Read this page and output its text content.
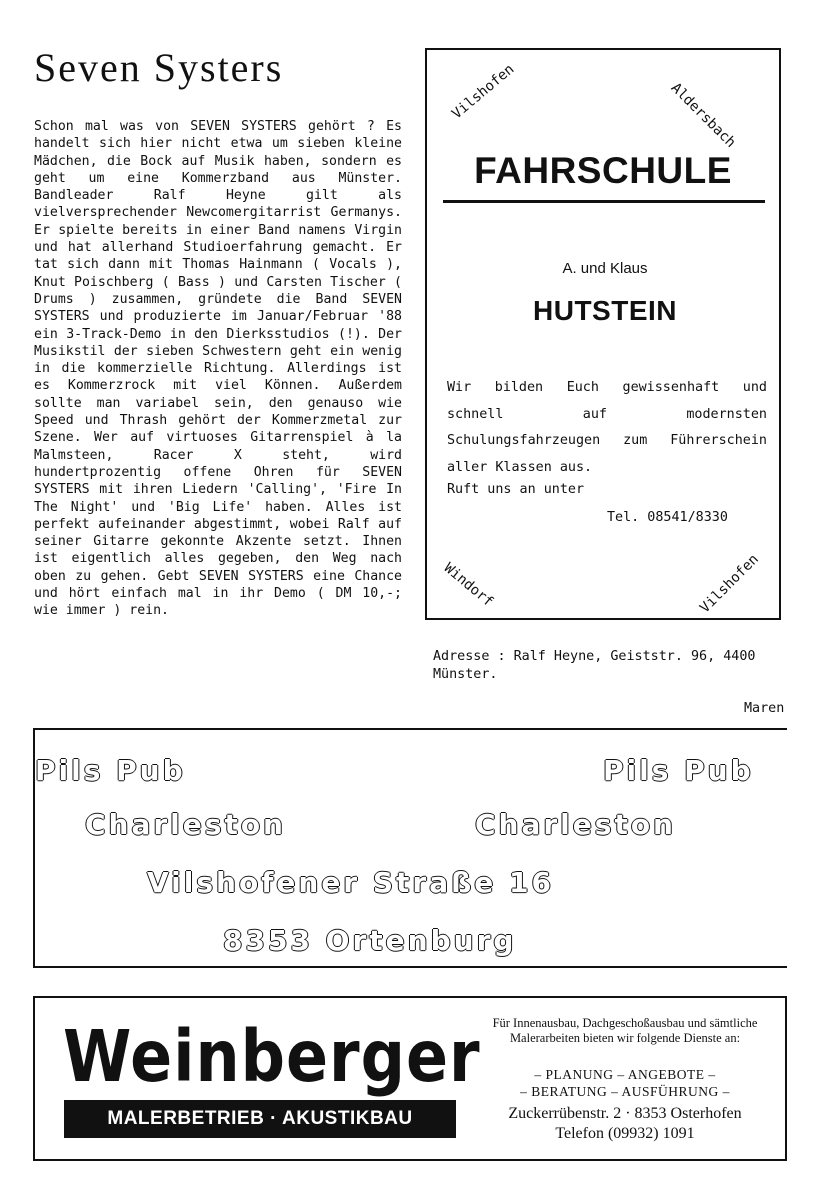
Seven Systers

Schon mal was von SEVEN SYSTERS gehört ? Es handelt sich hier nicht etwa um sieben kleine Mädchen, die Bock auf Musik haben, sondern es geht um eine Kommerzband aus Münster. Bandleader Ralf Heyne gilt als vielversprechender Newcomergitarrist Germanys. Er spielte bereits in einer Band namens Virgin und hat allerhand Studioerfahrung gemacht. Er tat sich dann mit Thomas Hainmann ( Vocals ), Knut Poischberg ( Bass ) und Carsten Tischer ( Drums ) zusammen, gründete die Band SEVEN SYSTERS und produzierte im Januar/Februar '88 ein 3-Track-Demo in den Dierksstudios (!). Der Musikstil der sieben Schwestern geht ein wenig in die kommerzielle Richtung. Allerdings ist es Kommerzrock mit viel Können. Außerdem sollte man variabel sein, den genauso wie Speed und Thrash gehört der Kommerzmetal zur Szene. Wer auf virtuoses Gitarrenspiel à la Malmsteen, Racer X steht, wird hundertprozentig offene Ohren für SEVEN SYSTERS mit ihren Liedern 'Calling', 'Fire In The Night' und 'Big Life' haben. Alles ist perfekt aufeinander abgestimmt, wobei Ralf auf seiner Gitarre gekonnte Akzente setzt. Ihnen ist eigentlich alles gegeben, den Weg nach oben zu gehen. Gebt SEVEN SYSTERS eine Chance und hört einfach mal in ihr Demo ( DM 10,-; wie immer ) rein.

Vilshofen	Aldersbach
FAHRSCHULE
A. und Klaus
HUTSTEIN
Wir bilden Euch gewissenhaft und schnell auf modernsten Schulungsfahrzeugen zum Führerschein aller Klassen aus.
Ruft uns an unter
Tel. 08541/8330
Windorf	Vilshofen
Adresse : Ralf Heyne, Geiststr. 96, 4400 Münster.
Maren
Pils Pub	Pils Pub
Charleston	Charleston
Vilshofener Straße 16
8353 Ortenburg
Weinberger
MALERBETRIEB · AKUSTIKBAU
Für Innenausbau, Dachgeschoßausbau und sämtliche Malerarbeiten bieten wir folgende Dienste an:
– PLANUNG – ANGEBOTE –
– BERATUNG – AUSFÜHRUNG –
Zuckerrübenstr. 2 · 8353 Osterhofen
Telefon (09932) 1091
